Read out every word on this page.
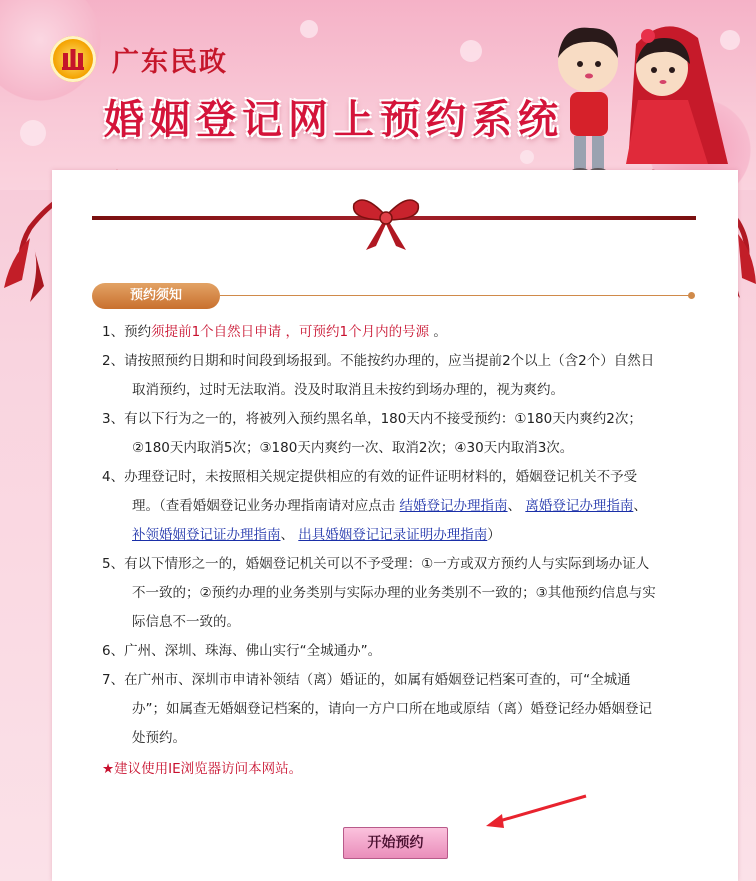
广东民政
婚姻登记网上预约系统
预约须知
1、预约须提前1个自然日申请 ，可预约1个月内的号源 。
2、请按照预约日期和时间段到场报到。不能按约办理的，应当提前2个以上（含2个）自然日
取消预约，过时无法取消。没及时取消且未按约到场办理的，视为爽约。
3、有以下行为之一的，将被列入预约黑名单，180天内不接受预约：①180天内爽约2次；
②180天内取消5次；③180天内爽约一次、取消2次；④30天内取消3次。
4、办理登记时，未按照相关规定提供相应的有效的证件证明材料的，婚姻登记机关不予受
理。（查看婚姻登记业务办理指南请对应点击 结婚登记办理指南、 离婚登记办理指南、
补领婚姻登记证办理指南、 出具婚姻登记记录证明办理指南）
5、有以下情形之一的，婚姻登记机关可以不予受理：①一方或双方预约人与实际到场办证人
不一致的；②预约办理的业务类别与实际办理的业务类别不一致的；③其他预约信息与实
际信息不一致的。
6、广州、深圳、珠海、佛山实行“全城通办”。
7、在广州市、深圳市申请补领结（离）婚证的，如属有婚姻登记档案可查的，可“全城通
办”；如属查无婚姻登记档案的，请向一方户口所在地或原结（离）婚登记经办婚姻登记
处预约。
★建议使用IE浏览器访问本网站。
开始预约
